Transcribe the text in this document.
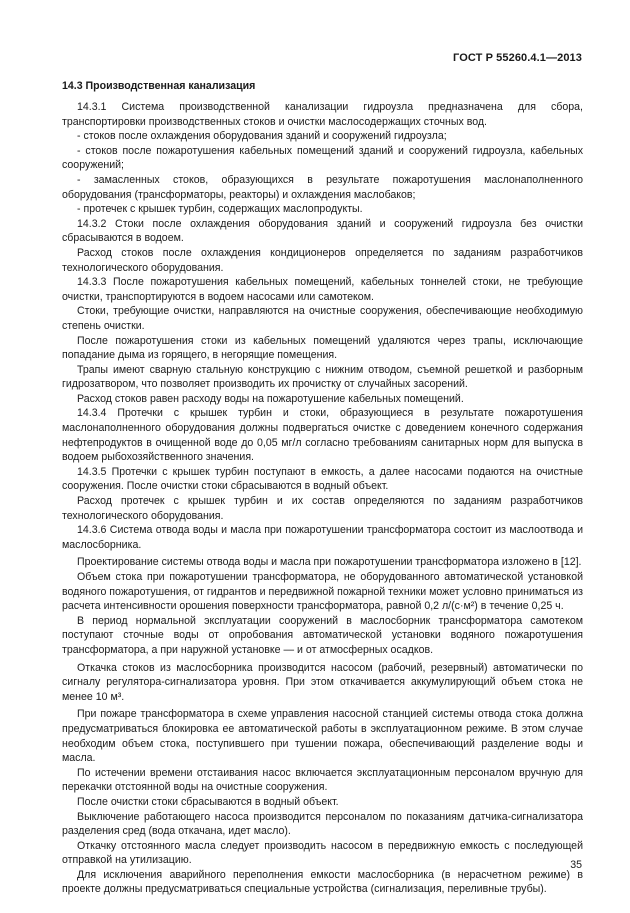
ГОСТ Р 55260.4.1—2013
14.3 Производственная канализация

14.3.1 Система производственной канализации гидроузла предназначена для сбора, транспортировки производственных стоков и очистки маслосодержащих сточных вод.

- стоков после охлаждения оборудования зданий и сооружений гидроузла;

- стоков после пожаротушения кабельных помещений зданий и сооружений гидроузла, кабельных сооружений;

- замасленных стоков, образующихся в результате пожаротушения маслонаполненного оборудования (трансформаторы, реакторы) и охлаждения маслобаков;

- протечек с крышек турбин, содержащих маслопродукты.

14.3.2 Стоки после охлаждения оборудования зданий и сооружений гидроузла без очистки сбрасываются в водоем.

Расход стоков после охлаждения кондиционеров определяется по заданиям разработчиков технологического оборудования.

14.3.3 После пожаротушения кабельных помещений, кабельных тоннелей стоки, не требующие очистки, транспортируются в водоем насосами или самотеком.

Стоки, требующие очистки, направляются на очистные сооружения, обеспечивающие необходимую степень очистки.

После пожаротушения стоки из кабельных помещений удаляются через трапы, исключающие попадание дыма из горящего, в негорящие помещения.

Трапы имеют сварную стальную конструкцию с нижним отводом, съемной решеткой и разборным гидрозатвором, что позволяет производить их прочистку от случайных засорений.

Расход стоков равен расходу воды на пожаротушение кабельных помещений.

14.3.4 Протечки с крышек турбин и стоки, образующиеся в результате пожаротушения маслонаполненного оборудования должны подвергаться очистке с доведением конечного содержания нефтепродуктов в очищенной воде до 0,05 мг/л согласно требованиям санитарных норм для выпуска в водоем рыбохозяйственного значения.

14.3.5 Протечки с крышек турбин поступают в емкость, а далее насосами подаются на очистные сооружения. После очистки стоки сбрасываются в водный объект.

Расход протечек с крышек турбин и их состав определяются по заданиям разработчиков технологического оборудования.

14.3.6 Система отвода воды и масла при пожаротушении трансформатора состоит из маслоотвода и маслосборника.

Проектирование системы отвода воды и масла при пожаротушении трансформатора изложено в [12].

Объем стока при пожаротушении трансформатора, не оборудованного автоматической установкой водяного пожаротушения, от гидрантов и передвижной пожарной техники может условно приниматься из расчета интенсивности орошения поверхности трансформатора, равной 0,2 л/(с·м²) в течение 0,25 ч.

В период нормальной эксплуатации сооружений в маслосборник трансформатора самотеком поступают сточные воды от опробования автоматической установки водяного пожаротушения трансформатора, а при наружной установке — и от атмосферных осадков.

Откачка стоков из маслосборника производится насосом (рабочий, резервный) автоматически по сигналу регулятора-сигнализатора уровня. При этом откачивается аккумулирующий объем стока не менее 10 м³.

При пожаре трансформатора в схеме управления насосной станцией системы отвода стока должна предусматриваться блокировка ее автоматической работы в эксплуатационном режиме. В этом случае необходим объем стока, поступившего при тушении пожара, обеспечивающий разделение воды и масла.

По истечении времени отстаивания насос включается эксплуатационным персоналом вручную для перекачки отстоянной воды на очистные сооружения.

После очистки стоки сбрасываются в водный объект.

Выключение работающего насоса производится персоналом по показаниям датчика-сигнализатора разделения сред (вода откачана, идет масло).

Откачку отстоянного масла следует производить насосом в передвижную емкость с последующей отправкой на утилизацию.

Для исключения аварийного переполнения емкости маслосборника (в нерасчетном режиме) в проекте должны предусматриваться специальные устройства (сигнализация, переливные трубы).

35
